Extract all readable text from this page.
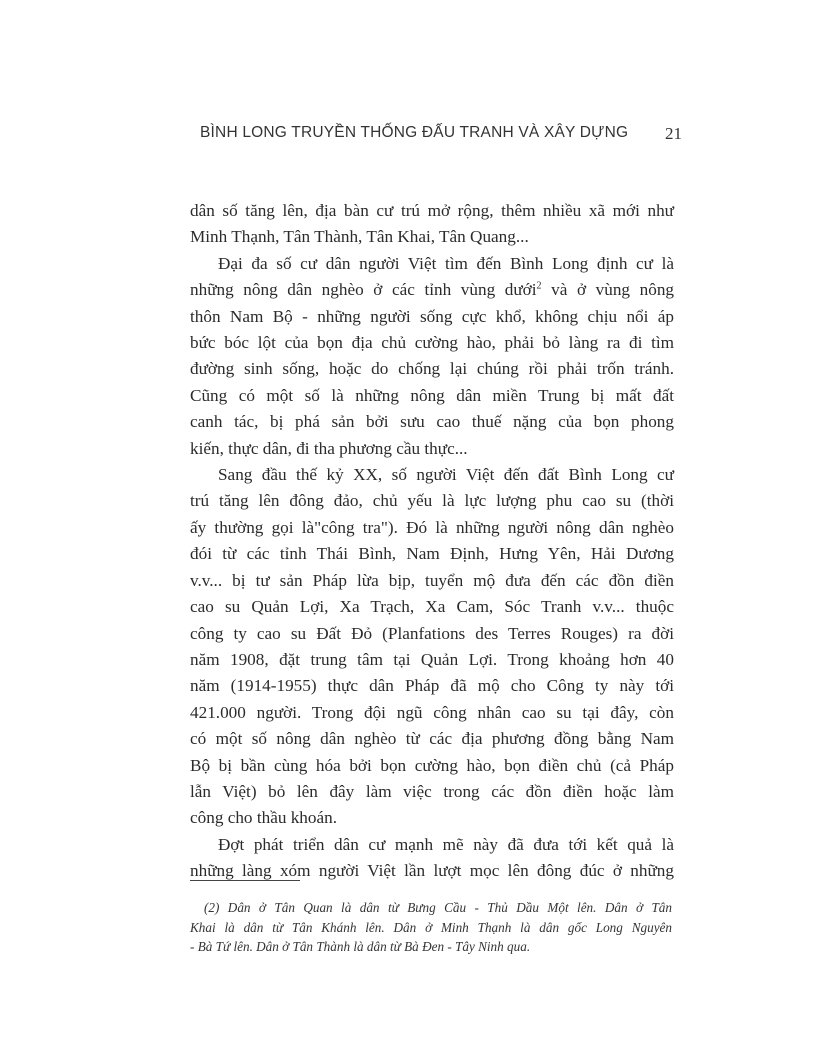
BÌNH LONG TRUYỀN THỐNG ĐẤU TRANH VÀ XÂY DỰNG 21

dân số tăng lên, địa bàn cư trú mở rộng, thêm nhiều xã mới như
Minh Thạnh, Tân Thành, Tân Khai, Tân Quang...

Đại đa số cư dân người Việt tìm đến Bình Long định cư là
những nông dân nghèo ở các tỉnh vùng dưới$^2$ và ở vùng nông
thôn Nam Bộ - những người sống cực khổ, không chịu nổi áp
bức bóc lột của bọn địa chủ cường hào, phải bỏ làng ra đi tìm
đường sinh sống, hoặc do chống lại chúng rồi phải trốn tránh.
Cũng có một số là những nông dân miền Trung bị mất đất
canh tác, bị phá sản bởi sưu cao thuế nặng của bọn phong
kiến, thực dân, đi tha phương cầu thực...

Sang đầu thế kỷ XX, số người Việt đến đất Bình Long cư
trú tăng lên đông đảo, chủ yếu là lực lượng phu cao su (thời
ấy thường gọi là"công tra"). Đó là những người nông dân nghèo
đói từ các tỉnh Thái Bình, Nam Định, Hưng Yên, Hải Dương
v.v... bị tư sản Pháp lừa bịp, tuyển mộ đưa đến các đồn điền
cao su Quản Lợi, Xa Trạch, Xa Cam, Sóc Tranh v.v... thuộc
công ty cao su Đất Đỏ (Planfations des Terres Rouges) ra đời
năm 1908, đặt trung tâm tại Quản Lợi. Trong khoảng hơn 40
năm (1914-1955) thực dân Pháp đã mộ cho Công ty này tới
421.000 người. Trong đội ngũ công nhân cao su tại đây, còn
có một số nông dân nghèo từ các địa phương đồng bằng Nam
Bộ bị bần cùng hóa bởi bọn cường hào, bọn điền chủ (cả Pháp
lẫn Việt) bỏ lên đây làm việc trong các đồn điền hoặc làm
công cho thầu khoán.

Đợt phát triển dân cư mạnh mẽ này đã đưa tới kết quả là
những làng xóm người Việt lần lượt mọc lên đông đúc ở những

(2) Dân ở Tân Quan là dân từ Bưng Cầu - Thủ Dầu Một lên. Dân ở Tân
Khai là dân từ Tân Khánh lên. Dân ở Minh Thạnh là dân gốc Long Nguyên
- Bà Tứ lên. Dân ở Tân Thành là dân từ Bà Đen - Tây Ninh qua.
